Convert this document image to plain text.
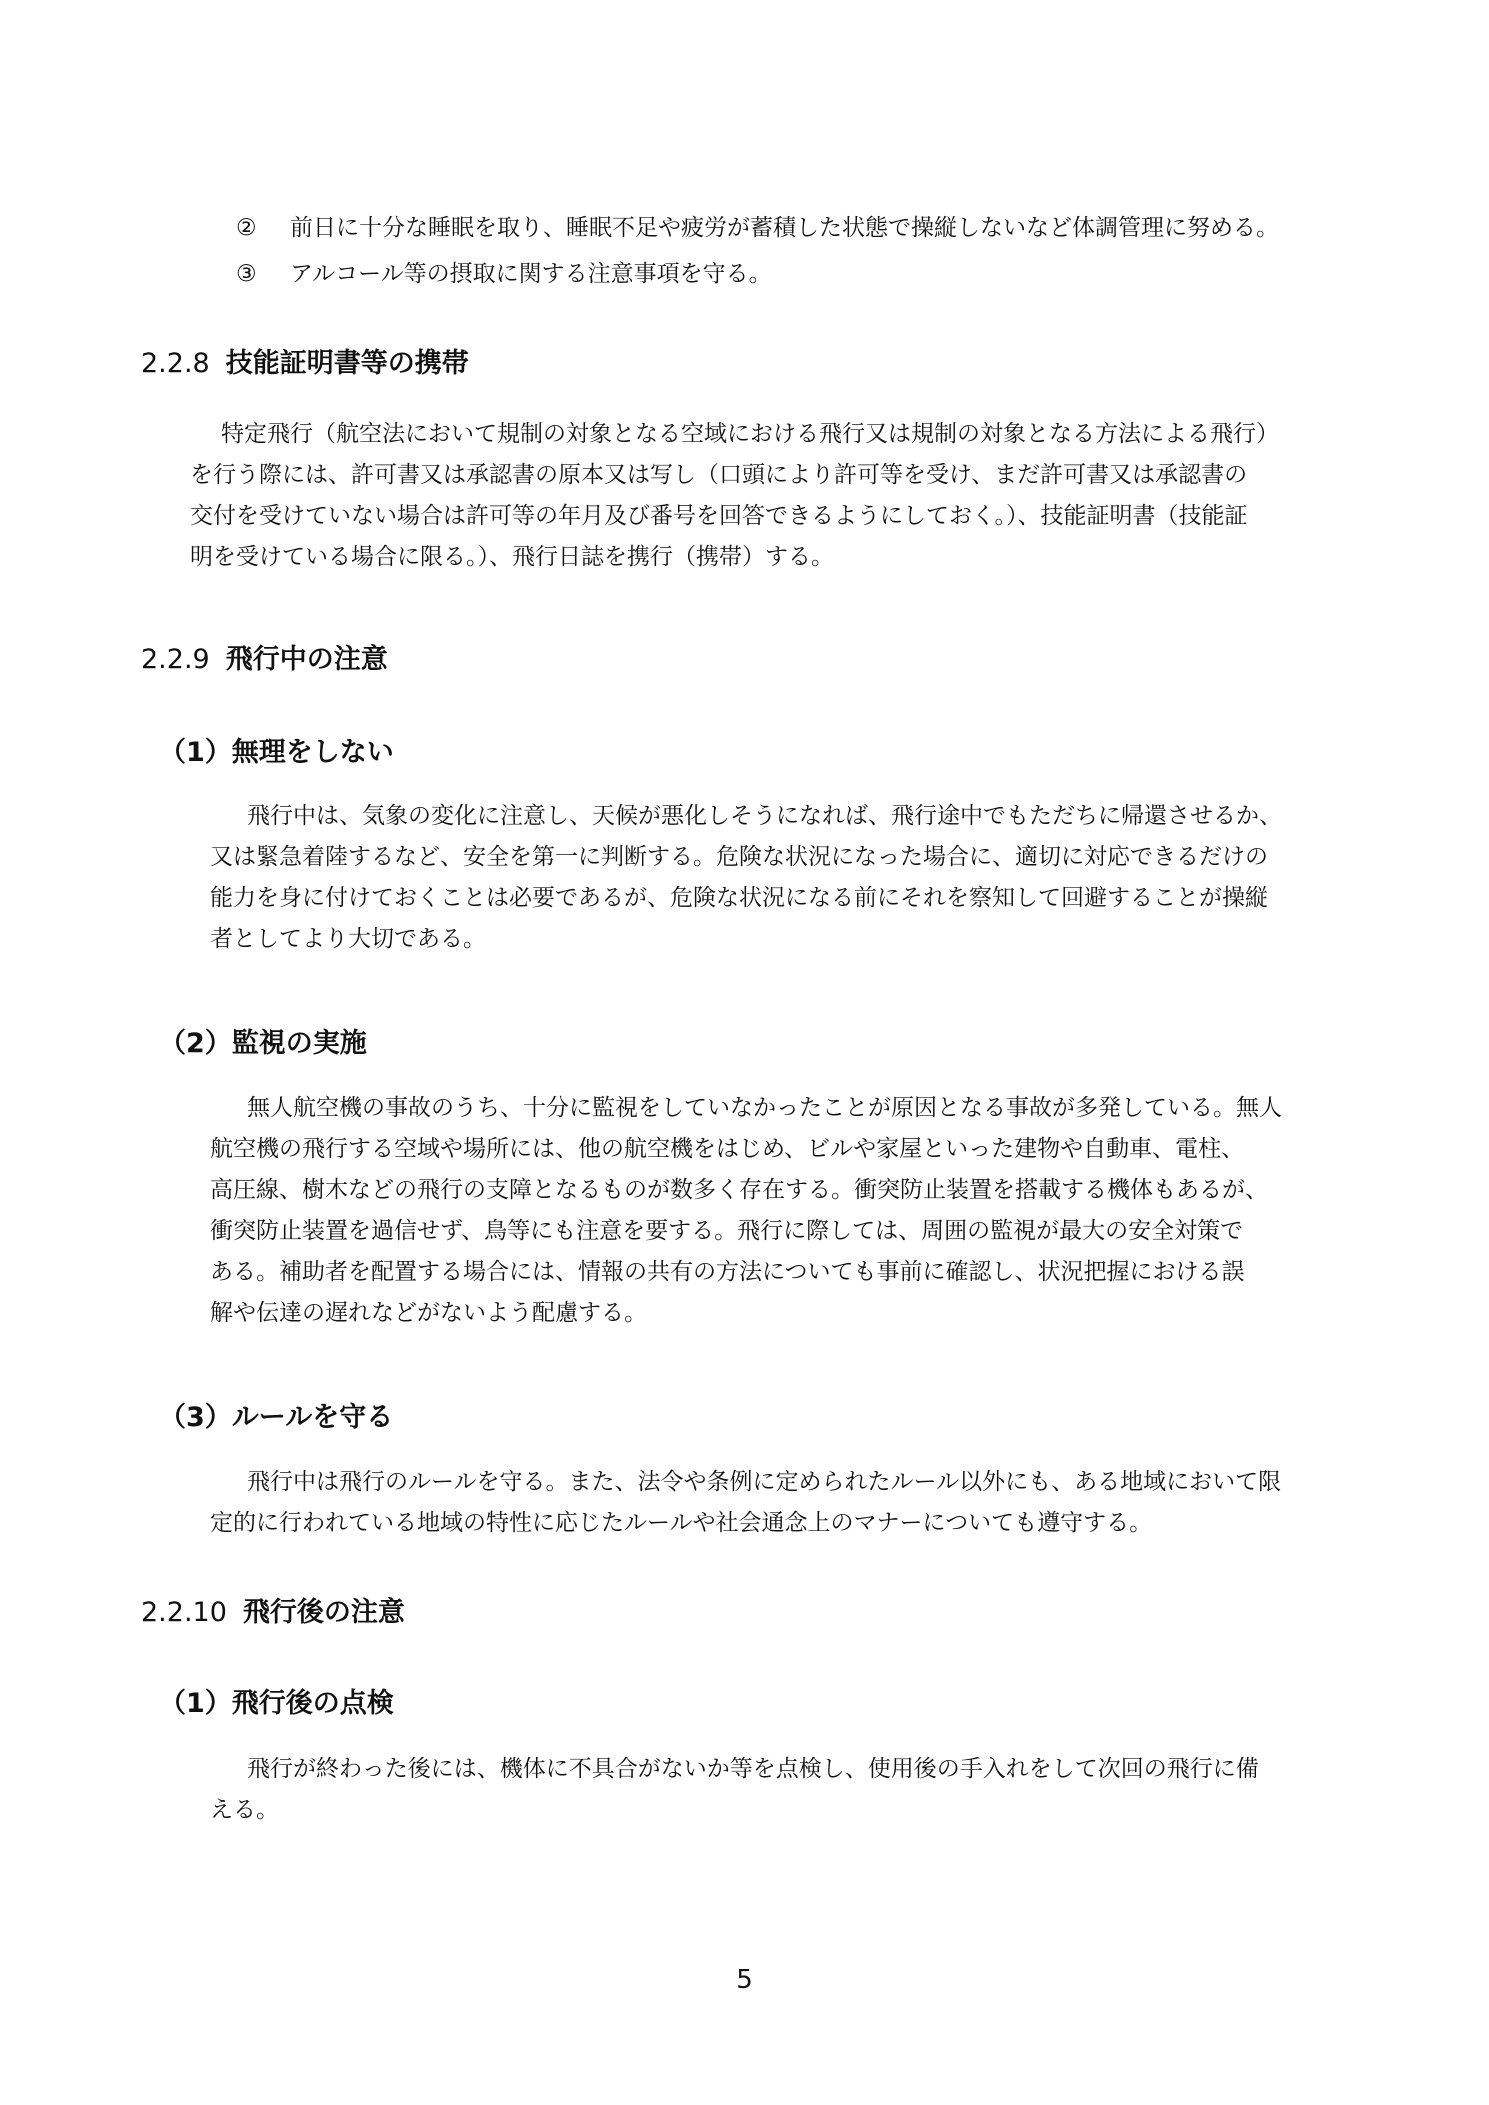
② 前日に十分な睡眠を取り、睡眠不足や疲労が蓄積した状態で操縦しないなど体調管理に努める。
③ アルコール等の摂取に関する注意事項を守る。
2.2.8 技能証明書等の携帯
特定飛行（航空法において規制の対象となる空域における飛行又は規制の対象となる方法による飛行）
を行う際には、許可書又は承認書の原本又は写し（口頭により許可等を受け、まだ許可書又は承認書の
交付を受けていない場合は許可等の年月及び番号を回答できるようにしておく。）、技能証明書（技能証
明を受けている場合に限る。）、飛行日誌を携行（携帯）する。
2.2.9 飛行中の注意
（1）無理をしない
飛行中は、気象の変化に注意し、天候が悪化しそうになれば、飛行途中でもただちに帰還させるか、
又は緊急着陸するなど、安全を第一に判断する。危険な状況になった場合に、適切に対応できるだけの
能力を身に付けておくことは必要であるが、危険な状況になる前にそれを察知して回避することが操縦
者としてより大切である。
（2）監視の実施
無人航空機の事故のうち、十分に監視をしていなかったことが原因となる事故が多発している。無人
航空機の飛行する空域や場所には、他の航空機をはじめ、ビルや家屋といった建物や自動車、電柱、
高圧線、樹木などの飛行の支障となるものが数多く存在する。衝突防止装置を搭載する機体もあるが、
衝突防止装置を過信せず、鳥等にも注意を要する。飛行に際しては、周囲の監視が最大の安全対策で
ある。補助者を配置する場合には、情報の共有の方法についても事前に確認し、状況把握における誤
解や伝達の遅れなどがないよう配慮する。
（3）ルールを守る
飛行中は飛行のルールを守る。また、法令や条例に定められたルール以外にも、ある地域において限
定的に行われている地域の特性に応じたルールや社会通念上のマナーについても遵守する。
2.2.10 飛行後の注意
（1）飛行後の点検
飛行が終わった後には、機体に不具合がないか等を点検し、使用後の手入れをして次回の飛行に備
える。
5
